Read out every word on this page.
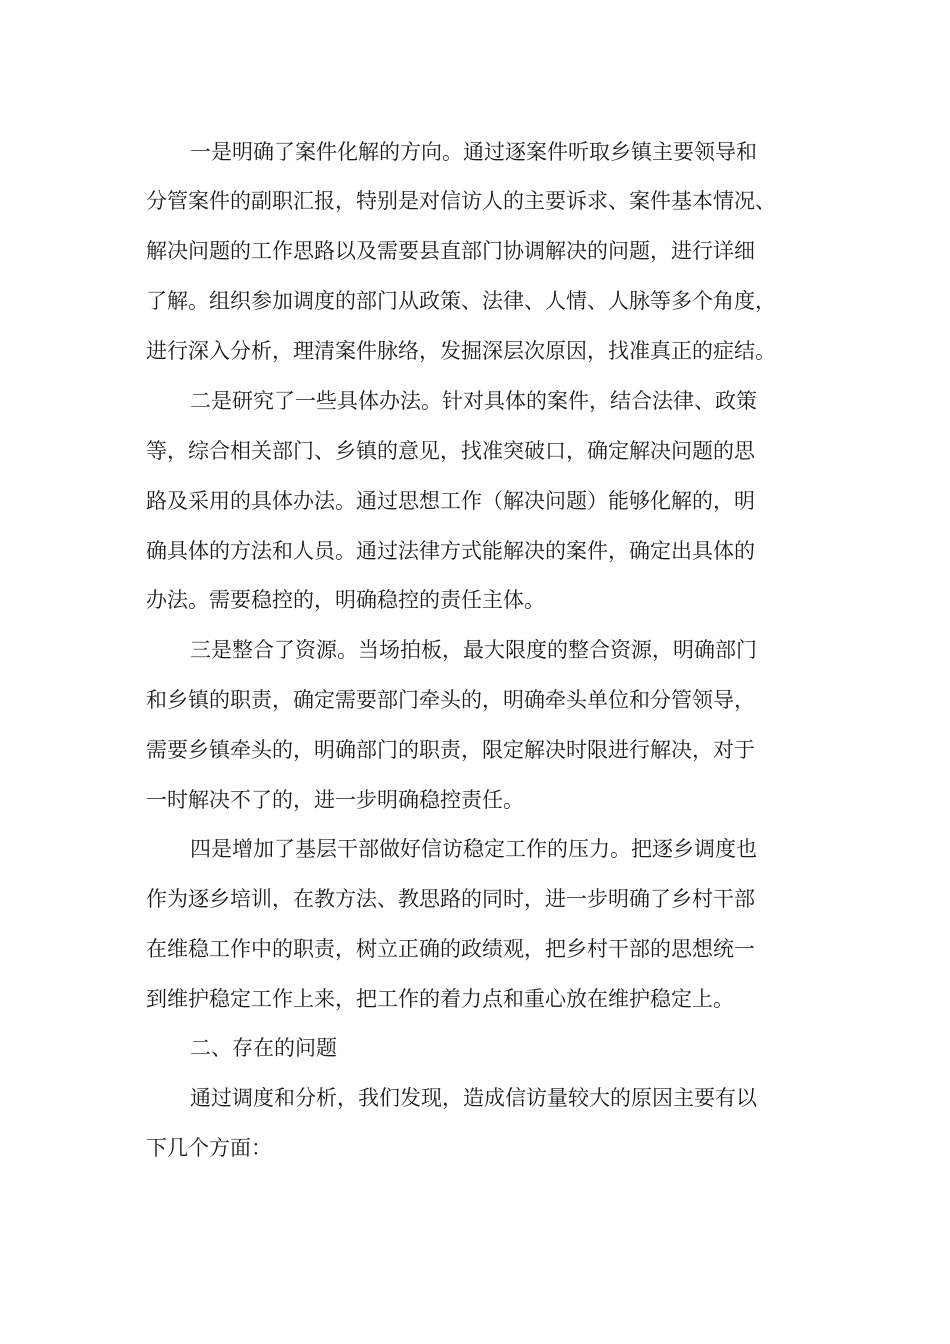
一是明确了案件化解的方向。通过逐案件听取乡镇主要领导和
分管案件的副职汇报，特别是对信访人的主要诉求、案件基本情况、
解决问题的工作思路以及需要县直部门协调解决的问题，进行详细
了解。组织参加调度的部门从政策、法律、人情、人脉等多个角度，
进行深入分析，理清案件脉络，发掘深层次原因，找准真正的症结。
二是研究了一些具体办法。针对具体的案件，结合法律、政策
等，综合相关部门、乡镇的意见，找准突破口，确定解决问题的思
路及采用的具体办法。通过思想工作（解决问题）能够化解的，明
确具体的方法和人员。通过法律方式能解决的案件，确定出具体的
办法。需要稳控的，明确稳控的责任主体。
三是整合了资源。当场拍板，最大限度的整合资源，明确部门
和乡镇的职责，确定需要部门牵头的，明确牵头单位和分管领导，
需要乡镇牵头的，明确部门的职责，限定解决时限进行解决，对于
一时解决不了的，进一步明确稳控责任。
四是增加了基层干部做好信访稳定工作的压力。把逐乡调度也
作为逐乡培训，在教方法、教思路的同时，进一步明确了乡村干部
在维稳工作中的职责，树立正确的政绩观，把乡村干部的思想统一
到维护稳定工作上来，把工作的着力点和重心放在维护稳定上。
二、存在的问题
通过调度和分析，我们发现，造成信访量较大的原因主要有以
下几个方面：
